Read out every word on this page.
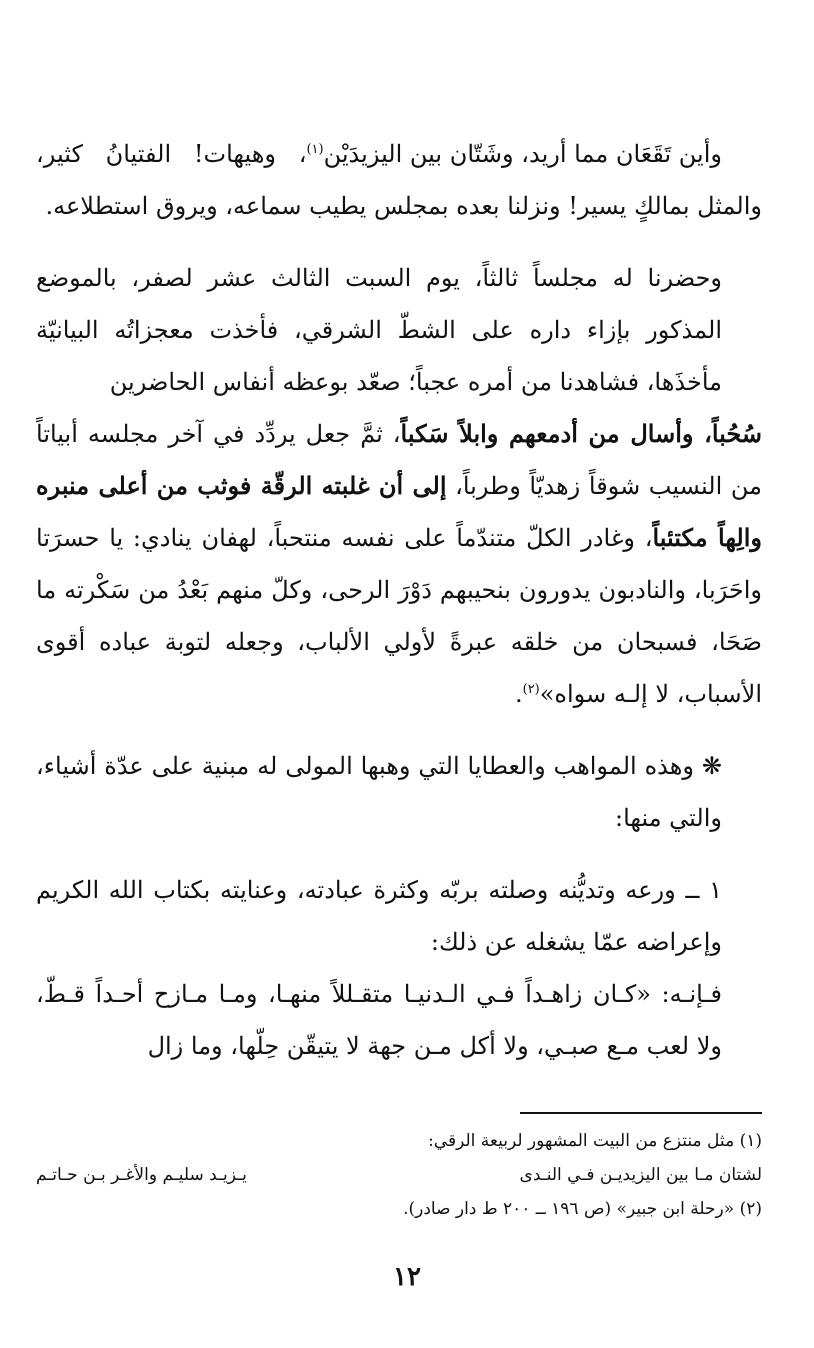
وأين تَقَعَان مما أريد، وشَتّان بين اليزيدَيْن$^{(١)}$، وهيهات! الفتيانُ كثير، والمثل بمالكٍ يسير! ونزلنا بعده بمجلس يطيب سماعه، ويروق استطلاعه.

وحضرنا له مجلساً ثالثاً، يوم السبت الثالث عشر لصفر، بالموضع المذكور بإزاء داره على الشطّ الشرقي، فأخذت معجزاتُه البيانيّة مأخذَها، فشاهدنا من أمره عجباً؛ صعّد بوعظه أنفاس الحاضرينسُحُباً، وأسال من أدمعهم وابلاً سَكباً، ثمَّ جعل يردِّد في آخر مجلسه أبياتاً من النسيب شوقاً زهديّاً وطرباً، إلى أن غلبته الرقّة فوثب من أعلى منبره والِهاً مكتئباً، وغادر الكلّ متندّماً على نفسه منتحباً، لهفان ينادي: يا حسرَتا واحَرَبا، والنادبون يدورون بنحيبهم دَوْرَ الرحى، وكلّ منهم بَعْدُ من سَكْرته ما صَحَا، فسبحان من خلقه عبرةً لأولي الألباب، وجعله لتوبة عباده أقوى الأسباب، لا إلـه سواه»$^{(٢)}$.

❋ وهذه المواهب والعطايا التي وهبها المولى له مبنية على عدّة أشياء، والتي منها:

١ ــ ورعه وتديُّنه وصلته بربّه وكثرة عبادته، وعنايته بكتاب الله الكريم وإعراضه عمّا يشغله عن ذلك:

فـإنـه: «كـان زاهـداً فـي الـدنيـا متقـللاً منهـا، ومـا مـازح أحـداً قـطّ، ولا لعب مـع صبـي، ولا أكل مـن جهة لا يتيقّن حِلّها، وما زال

(١) مثل منتزع من البيت المشهور لربيعة الرقي:

لشتان مـا بين اليزيديـن فـي النـدى
يـزيـد سليـم والأغـر بـن حـاتـم

(٢) «رحلة ابن جبير» (ص ١٩٦ ــ ٢٠٠ ط دار صادر).

١٢
